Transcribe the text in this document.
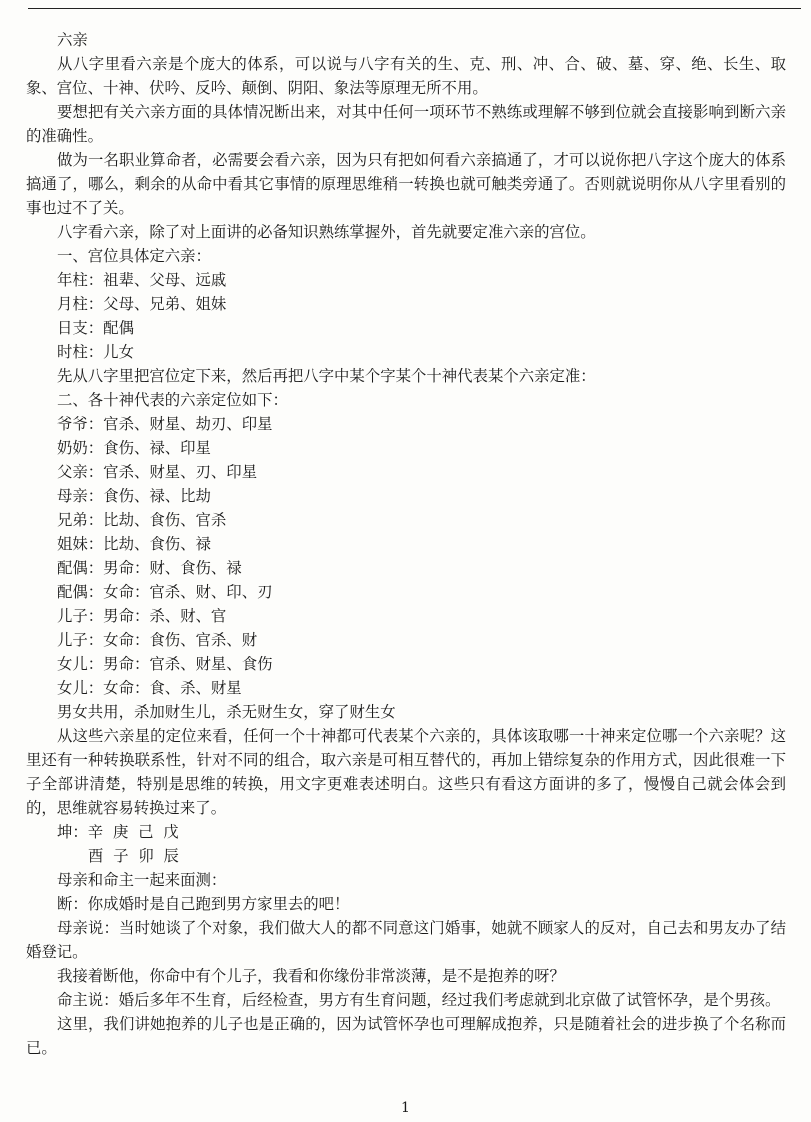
六亲

从八字里看六亲是个庞大的体系，可以说与八字有关的生、克、刑、冲、合、破、墓、穿、绝、长生、取象、宫位、十神、伏吟、反吟、颠倒、阴阳、象法等原理无所不用。

要想把有关六亲方面的具体情况断出来，对其中任何一项环节不熟练或理解不够到位就会直接影响到断六亲的准确性。

做为一名职业算命者，必需要会看六亲，因为只有把如何看六亲搞通了，才可以说你把八字这个庞大的体系搞通了，哪么，剩余的从命中看其它事情的原理思维稍一转换也就可触类旁通了。否则就说明你从八字里看别的事也过不了关。

八字看六亲，除了对上面讲的必备知识熟练掌握外，首先就要定准六亲的宫位。

一、宫位具体定六亲：

年柱：祖辈、父母、远戚

月柱：父母、兄弟、姐妹

日支：配偶

时柱：儿女

先从八字里把宫位定下来，然后再把八字中某个字某个十神代表某个六亲定准：

二、各十神代表的六亲定位如下：

爷爷：官杀、财星、劫刃、印星

奶奶：食伤、禄、印星

父亲：官杀、财星、刃、印星

母亲：食伤、禄、比劫

兄弟：比劫、食伤、官杀

姐妹：比劫、食伤、禄

配偶：男命：财、食伤、禄

配偶：女命：官杀、财、印、刃

儿子：男命：杀、财、官

儿子：女命：食伤、官杀、财

女儿：男命：官杀、财星、食伤

女儿：女命：食、杀、财星

男女共用，杀加财生儿，杀无财生女，穿了财生女

从这些六亲星的定位来看，任何一个十神都可代表某个六亲的，具体该取哪一十神来定位哪一个六亲呢？这里还有一种转换联系性，针对不同的组合，取六亲是可相互替代的，再加上错综复杂的作用方式，因此很难一下子全部讲清楚，特别是思维的转换，用文字更难表述明白。这些只有看这方面讲的多了，慢慢自己就会体会到的，思维就容易转换过来了。

坤：辛  庚  己  戊

酉  子  卯  辰

母亲和命主一起来面测：

断：你成婚时是自己跑到男方家里去的吧！

母亲说：当时她谈了个对象，我们做大人的都不同意这门婚事，她就不顾家人的反对，自己去和男友办了结婚登记。

我接着断他，你命中有个儿子，我看和你缘份非常淡薄，是不是抱养的呀？

命主说：婚后多年不生育，后经检查，男方有生育问题，经过我们考虑就到北京做了试管怀孕，是个男孩。

这里，我们讲她抱养的儿子也是正确的，因为试管怀孕也可理解成抱养，只是随着社会的进步换了个名称而已。

1
